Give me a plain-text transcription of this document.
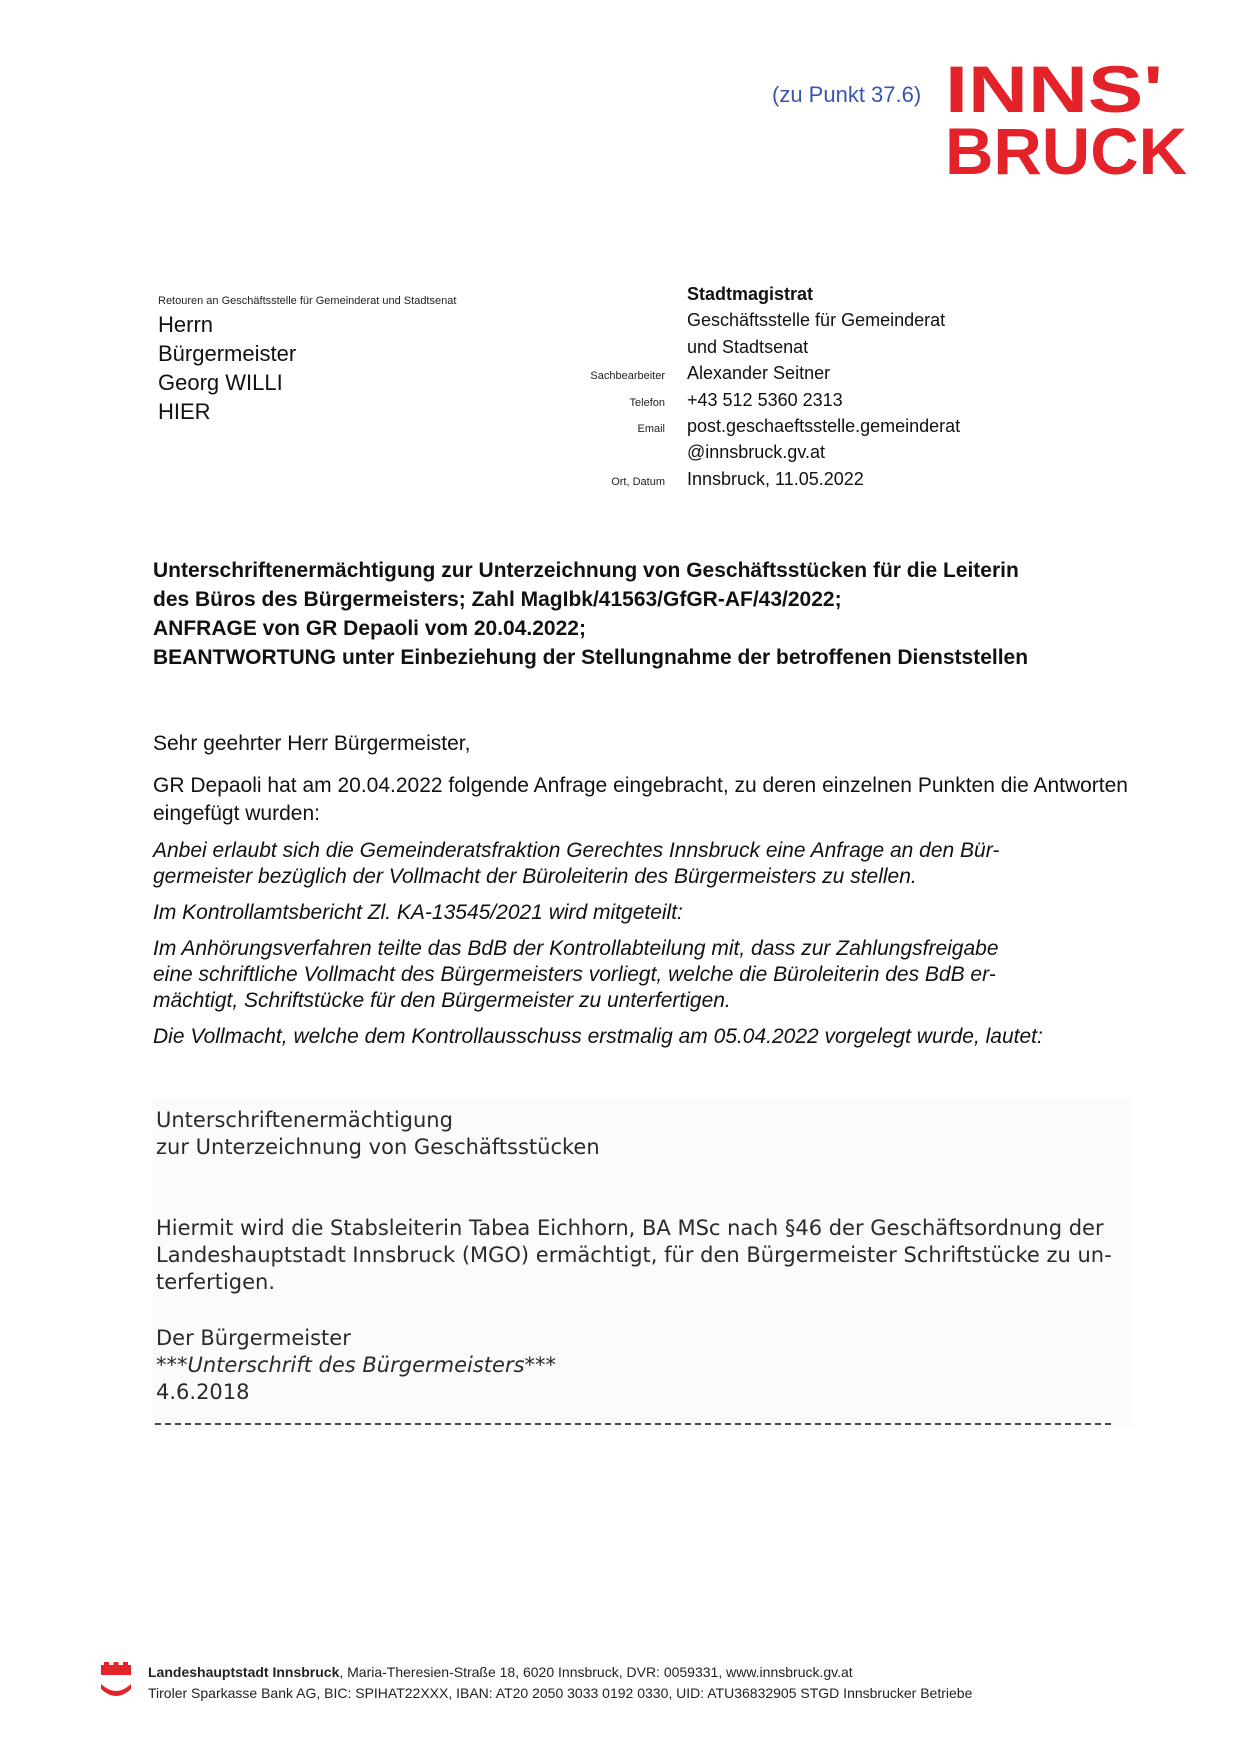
(zu Punkt 37.6) INNS'
BRUCK
Retouren an Geschäftsstelle für Gemeinderat und Stadtsenat
Herrn
Bürgermeister
Georg WILLI
HIER
Stadtmagistrat
Geschäftsstelle für Gemeinderat
und Stadtsenat
Sachbearbeiter	Alexander Seitner
Telefon	+43 512 5360 2313
Email	post.geschaeftsstelle.gemeinderat
@innsbruck.gv.at
Ort, Datum	Innsbruck, 11.05.2022
Unterschriftenermächtigung zur Unterzeichnung von Geschäftsstücken für die Leiterin
des Büros des Bürgermeisters; Zahl MagIbk/41563/GfGR-AF/43/2022;
ANFRAGE von GR Depaoli vom 20.04.2022;
BEANTWORTUNG unter Einbeziehung der Stellungnahme der betroffenen Dienststellen

Sehr geehrter Herr Bürgermeister,

GR Depaoli hat am 20.04.2022 folgende Anfrage eingebracht, zu deren einzelnen Punkten die Antworten eingefügt wurden:

Anbei erlaubt sich die Gemeinderatsfraktion Gerechtes Innsbruck eine Anfrage an den Bür-
germeister bezüglich der Vollmacht der Büroleiterin des Bürgermeisters zu stellen.

Im Kontrollamtsbericht Zl. KA-13545/2021 wird mitgeteilt:

Im Anhörungsverfahren teilte das BdB der Kontrollabteilung mit, dass zur Zahlungsfreigabe
eine schriftliche Vollmacht des Bürgermeisters vorliegt, welche die Büroleiterin des BdB er-
mächtigt, Schriftstücke für den Bürgermeister zu unterfertigen.

Die Vollmacht, welche dem Kontrollausschuss erstmalig am 05.04.2022 vorgelegt wurde, lautet:

Unterschriftenermächtigung
zur Unterzeichnung von Geschäftsstücken
Hiermit wird die Stabsleiterin Tabea Eichhorn, BA MSc nach §46 der Geschäftsordnung der
Landeshauptstadt Innsbruck (MGO) ermächtigt, für den Bürgermeister Schriftstücke zu un-
terfertigen.
Der Bürgermeister
***Unterschrift des Bürgermeisters***
4.6.2018
Landeshauptstadt Innsbruck, Maria-Theresien-Straße 18, 6020 Innsbruck, DVR: 0059331, www.innsbruck.gv.at
Tiroler Sparkasse Bank AG, BIC: SPIHAT22XXX, IBAN: AT20 2050 3033 0192 0330, UID: ATU36832905 STGD Innsbrucker Betriebe
